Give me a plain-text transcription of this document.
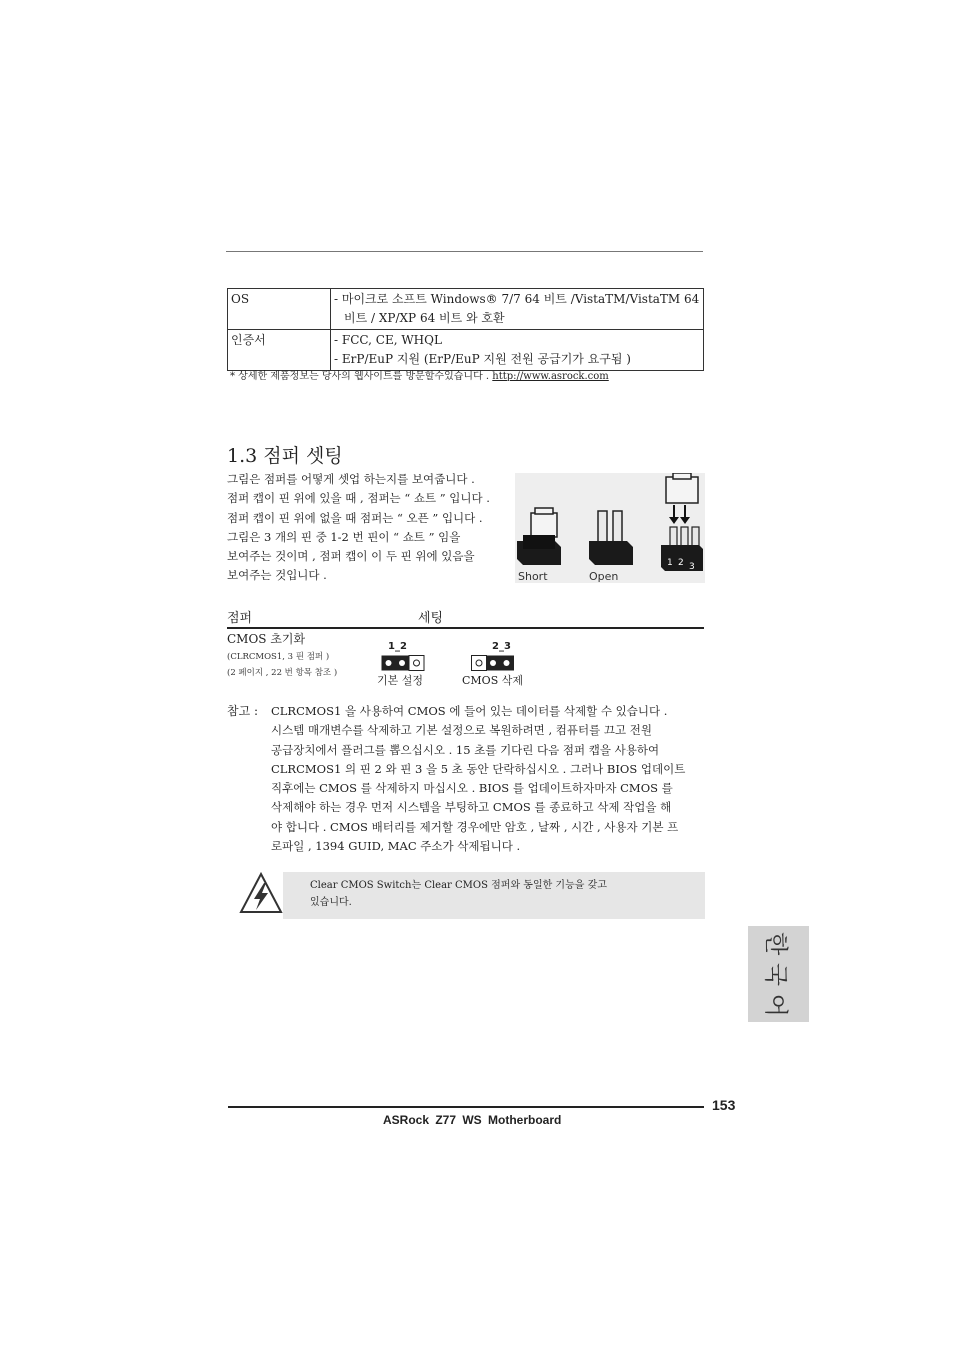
OS	- 마이크로 소프트 Windows® 7/7 64 비트 /VistaTM/VistaTM 64
비트 / XP/XP 64 비트 와 호환

인증서	- FCC, CE, WHQL
- ErP/EuP 지원 (ErP/EuP 지원 전원 공급기가 요구됨 )
* 상세한 제품정보는 당사의 웹사이트를 방문할수있습니다 . http://www.asrock.com
1.3 점퍼 셋팅
그림은 점퍼를 어떻게 셋업 하는지를 보여줍니다 .
점퍼 캡이 핀 위에 있을 때 , 점퍼는 “ 쇼트 ” 입니다 .
점퍼 캡이 핀 위에 없을 때 점퍼는 “ 오픈 ” 입니다 .
그림은 3 개의 핀 중 1-2 번 핀이 “ 쇼트 ” 임을
보여주는 것이며 , 점퍼 캡이 이 두 핀 위에 있음을
보여주는 것입니다 .	Short	Open
1 2 3
점퍼	세팅
CMOS 초기화
(CLRCMOS1, 3 핀 점퍼 )
(2 페이지 , 22 번 항목 참조 )
1_2
기본 설정
2_3
CMOS 삭제
참고 : CLRCMOS1 을 사용하여 CMOS 에 들어 있는 데이터를 삭제할 수 있습니다 .
시스템 매개변수를 삭제하고 기본 설정으로 복원하려면 , 컴퓨터를 끄고 전원
공급장치에서 플러그를 뽑으십시오 . 15 초를 기다린 다음 점퍼 캡을 사용하여
CLRCMOS1 의 핀 2 와 핀 3 을 5 초 동안 단락하십시오 . 그러나 BIOS 업데이트
직후에는 CMOS 를 삭제하지 마십시오 . BIOS 를 업데이트하자마자 CMOS 를
삭제해야 하는 경우 먼저 시스템을 부팅하고 CMOS 를 종료하고 삭제 작업을 해
야 합니다 . CMOS 배터리를 제거할 경우에만 암호 , 날짜 , 시간 , 사용자 기본 프
로파일 , 1394 GUID, MAC 주소가 삭제됩니다 .
Clear CMOS Switch는 Clear CMOS 점퍼와 동일한 기능을 갖고
있습니다.
한 국 어
153
ASRock Z77 WS Motherboard
